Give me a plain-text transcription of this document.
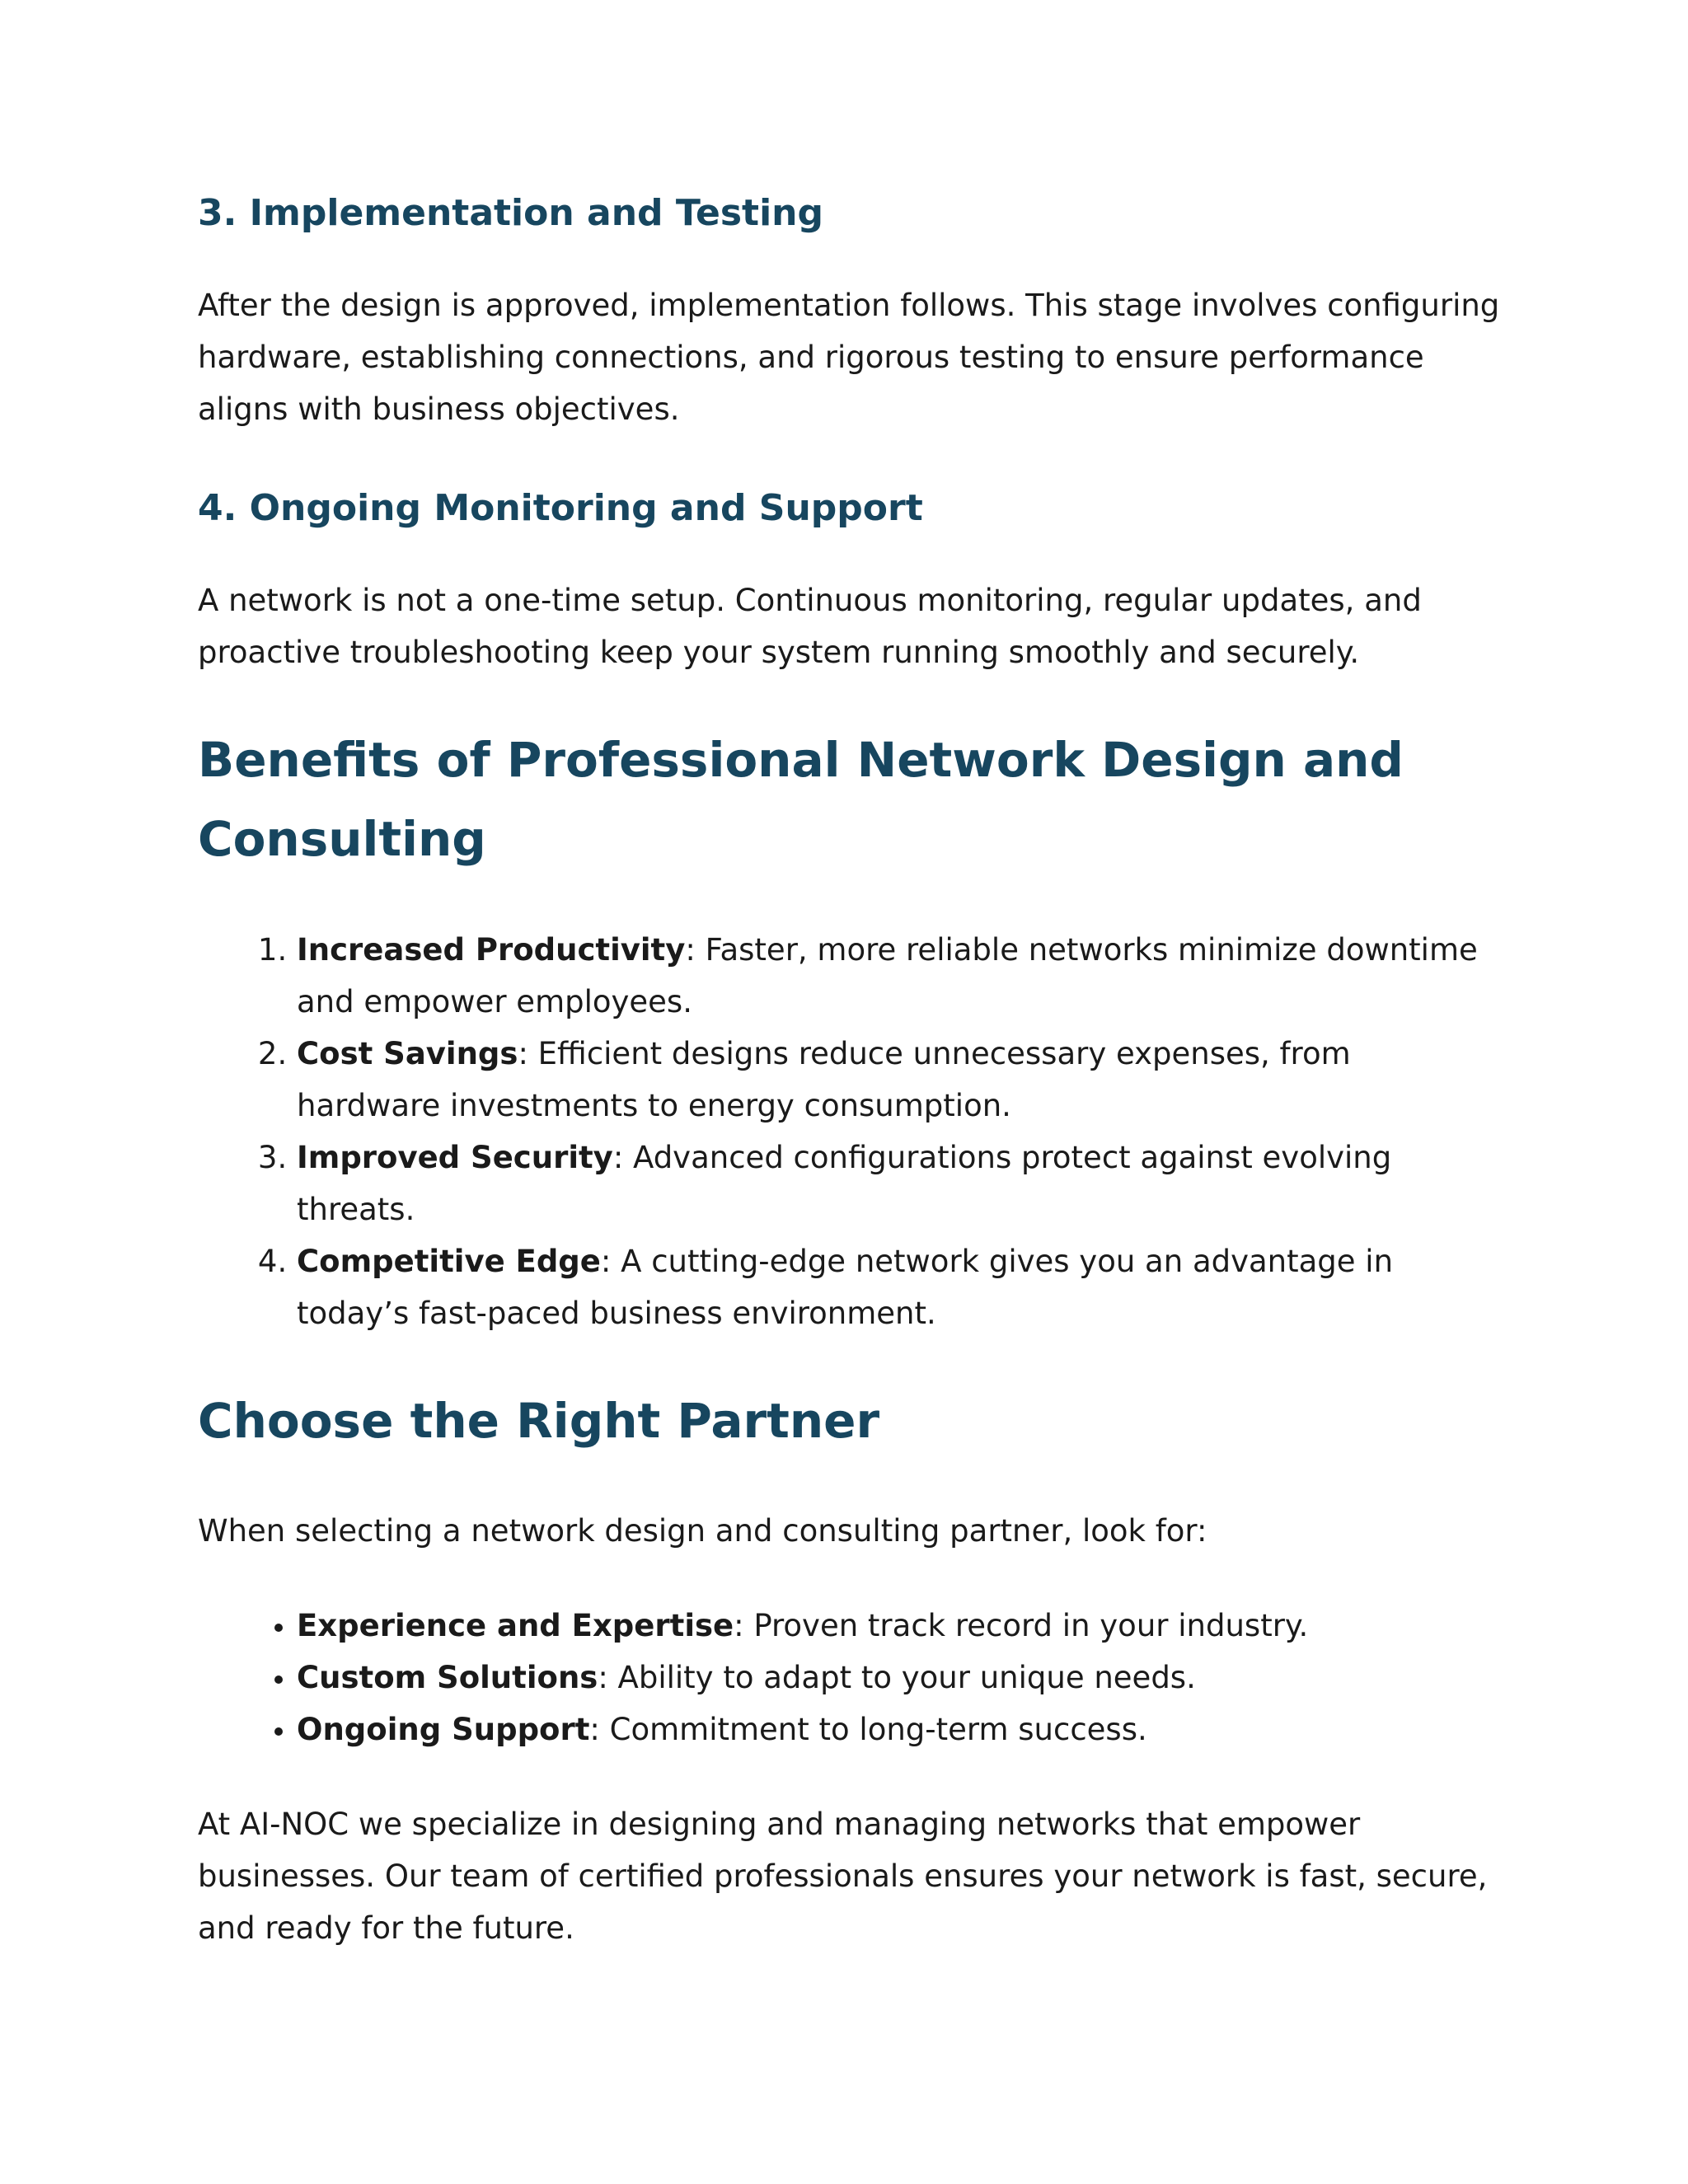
3. Implementation and Testing

After the design is approved, implementation follows. This stage involves configuring hardware, establishing connections, and rigorous testing to ensure performance aligns with business objectives.

4. Ongoing Monitoring and Support

A network is not a one-time setup. Continuous monitoring, regular updates, and proactive troubleshooting keep your system running smoothly and securely.

Benefits of Professional Network Design and Consulting
1. Increased Productivity: Faster, more reliable networks minimize downtime and empower employees.
2. Cost Savings: Efficient designs reduce unnecessary expenses, from hardware investments to energy consumption.
3. Improved Security: Advanced configurations protect against evolving threats.
4. Competitive Edge: A cutting-edge network gives you an advantage in today’s fast-paced business environment.
Choose the Right Partner

When selecting a network design and consulting partner, look for:

• Experience and Expertise: Proven track record in your industry.
• Custom Solutions: Ability to adapt to your unique needs.
• Ongoing Support: Commitment to long-term success.

At AI-NOC we specialize in designing and managing networks that empower businesses. Our team of certified professionals ensures your network is fast, secure, and ready for the future.
